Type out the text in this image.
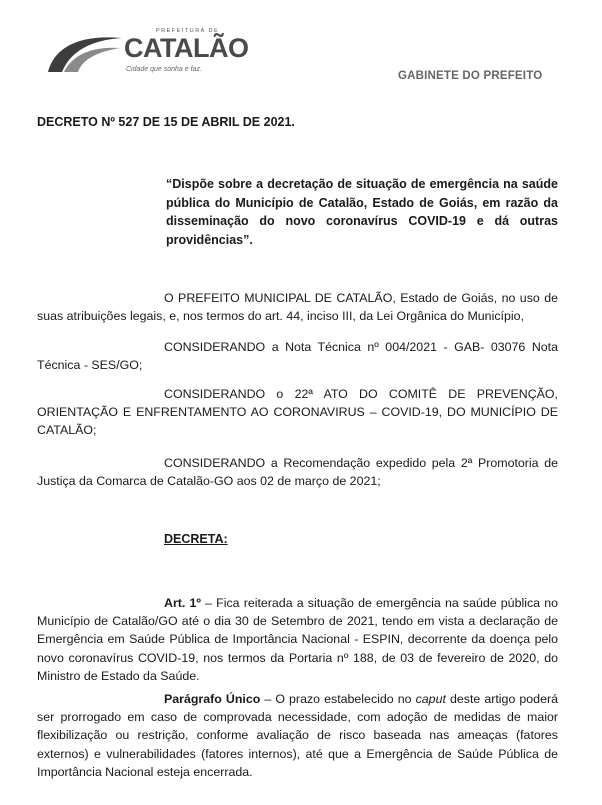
PREFEITURA DE
CATALÃO
Cidade que sonha e faz.
GABINETE DO PREFEITO
DECRETO Nº 527 DE 15 DE ABRIL DE 2021.
“Dispõe sobre a decretação de situação de emergência na saúde pública do Município de Catalão, Estado de Goiás, em razão da disseminação do novo coronavírus COVID-19 e dá outras providências”.
O PREFEITO MUNICIPAL DE CATALÃO, Estado de Goiás, no uso de suas atribuições legais, e, nos termos do art. 44, inciso III, da Lei Orgânica do Município,
CONSIDERANDO a Nota Técnica nº 004/2021 - GAB- 03076 Nota Técnica - SES/GO;
CONSIDERANDO o 22ª ATO DO COMITÊ DE PREVENÇÃO, ORIENTAÇÃO E ENFRENTAMENTO AO CORONAVIRUS – COVID-19, DO MUNICÍPIO DE CATALÃO;
CONSIDERANDO a Recomendação expedido pela 2ª Promotoria de Justiça da Comarca de Catalão-GO aos 02 de março de 2021;
DECRETA:
Art. 1º – Fica reiterada a situação de emergência na saúde pública no Município de Catalão/GO até o dia 30 de Setembro de 2021, tendo em vista a declaração de Emergência em Saúde Pública de Importância Nacional - ESPIN, decorrente da doença pelo novo coronavírus COVID-19, nos termos da Portaria nº 188, de 03 de fevereiro de 2020, do Ministro de Estado da Saúde.
Parágrafo Único – O prazo estabelecido no caput deste artigo poderá ser prorrogado em caso de comprovada necessidade, com adoção de medidas de maior flexibilização ou restrição, conforme avaliação de risco baseada nas ameaças (fatores externos) e vulnerabilidades (fatores internos), até que a Emergência de Saúde Pública de Importância Nacional esteja encerrada.
